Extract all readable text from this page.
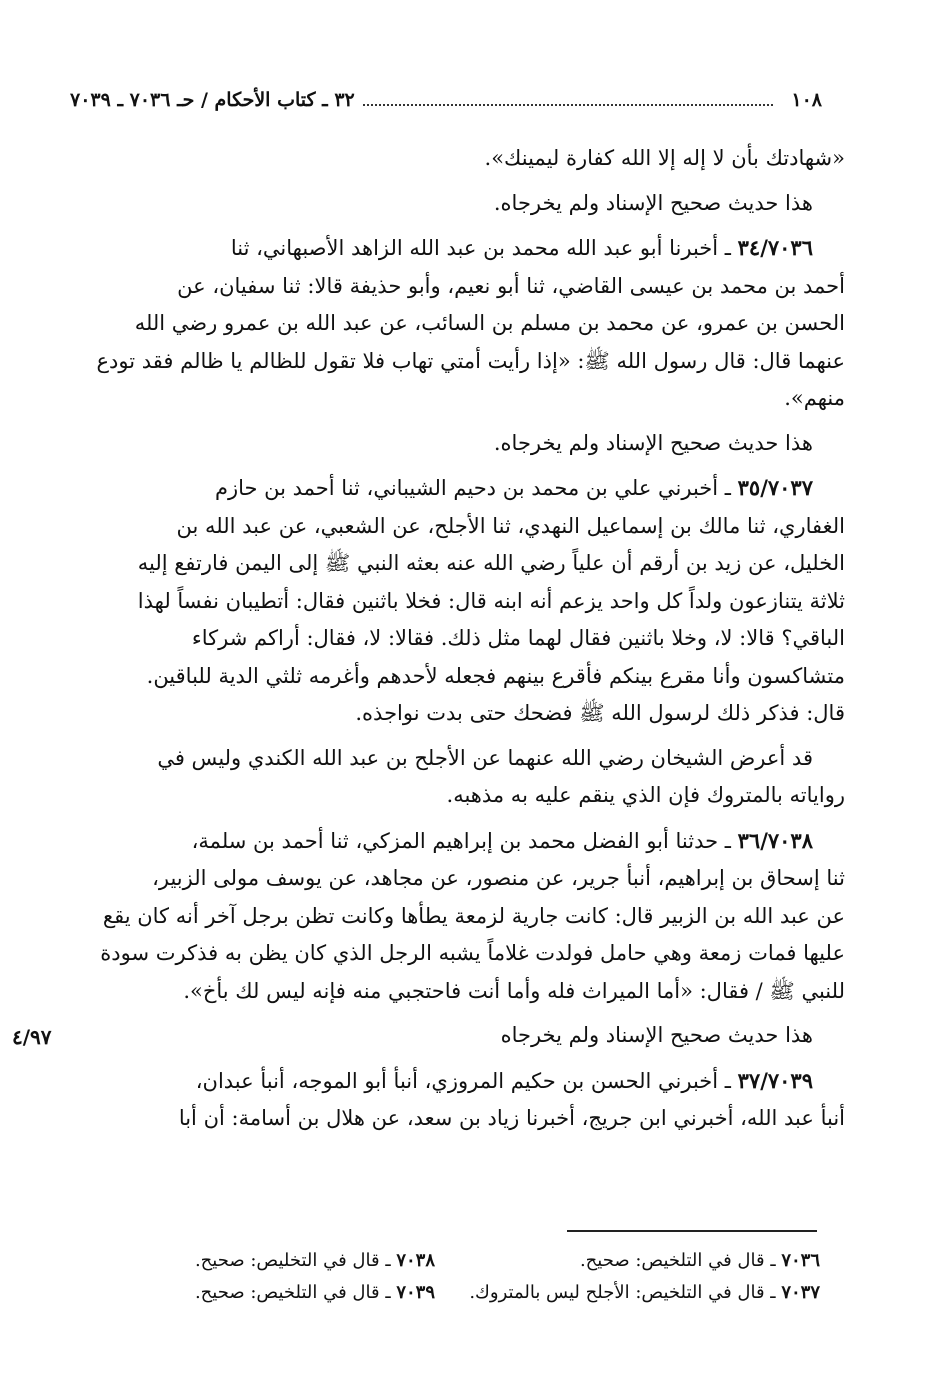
١٠٨
٣٢ ـ كتاب الأحكام / حـ ٧٠٣٦ ـ ٧٠٣٩
«شهادتك بأن لا إله إلا الله كفارة ليمينك».
هذا حديث صحيح الإسناد ولم يخرجاه.
٣٤/٧٠٣٦ ـ أخبرنا أبو عبد الله محمد بن عبد الله الزاهد الأصبهاني، ثنا
أحمد بن محمد بن عيسى القاضي، ثنا أبو نعيم، وأبو حذيفة قالا: ثنا سفيان، عن
الحسن بن عمرو، عن محمد بن مسلم بن السائب، عن عبد الله بن عمرو رضي الله
عنهما قال: قال رسول الله ﷺ: «إذا رأيت أمتي تهاب فلا تقول للظالم يا ظالم فقد تودع
منهم».
هذا حديث صحيح الإسناد ولم يخرجاه.
٣٥/٧٠٣٧ ـ أخبرني علي بن محمد بن دحيم الشيباني، ثنا أحمد بن حازم
الغفاري، ثنا مالك بن إسماعيل النهدي، ثنا الأجلح، عن الشعبي، عن عبد الله بن
الخليل، عن زيد بن أرقم أن علياً رضي الله عنه بعثه النبي ﷺ إلى اليمن فارتفع إليه
ثلاثة يتنازعون ولداً كل واحد يزعم أنه ابنه قال: فخلا باثنين فقال: أتطيبان نفساً لهذا
الباقي؟ قالا: لا، وخلا باثنين فقال لهما مثل ذلك. فقالا: لا، فقال: أراكم شركاء
متشاكسون وأنا مقرع بينكم فأقرع بينهم فجعله لأحدهم وأغرمه ثلثي الدية للباقين.
قال: فذكر ذلك لرسول الله ﷺ فضحك حتى بدت نواجذه.
قد أعرض الشيخان رضي الله عنهما عن الأجلح بن عبد الله الكندي وليس في
رواياته بالمتروك فإن الذي ينقم عليه به مذهبه.
٣٦/٧٠٣٨ ـ حدثنا أبو الفضل محمد بن إبراهيم المزكي، ثنا أحمد بن سلمة،
ثنا إسحاق بن إبراهيم، أنبأ جرير، عن منصور، عن مجاهد، عن يوسف مولى الزبير،
عن عبد الله بن الزبير قال: كانت جارية لزمعة يطأها وكانت تظن برجل آخر أنه كان يقع
عليها فمات زمعة وهي حامل فولدت غلاماً يشبه الرجل الذي كان يظن به فذكرت سودة
للنبي ﷺ / فقال: «أما الميراث فله وأما أنت فاحتجبي منه فإنه ليس لك بأخ».
هذا حديث صحيح الإسناد ولم يخرجاه
٣٧/٧٠٣٩ ـ أخبرني الحسن بن حكيم المروزي، أنبأ أبو الموجه، أنبأ عبدان،
أنبأ عبد الله، أخبرني ابن جريج، أخبرنا زياد بن سعد، عن هلال بن أسامة: أن أبا
٤/٩٧
٧٠٣٦ ـ قال في التلخيص: صحيح.
٧٠٣٨ ـ قال في التخليص: صحيح.
٧٠٣٧ ـ قال في التلخيص: الأجلح ليس بالمتروك.
٧٠٣٩ ـ قال في التلخيص: صحيح.
